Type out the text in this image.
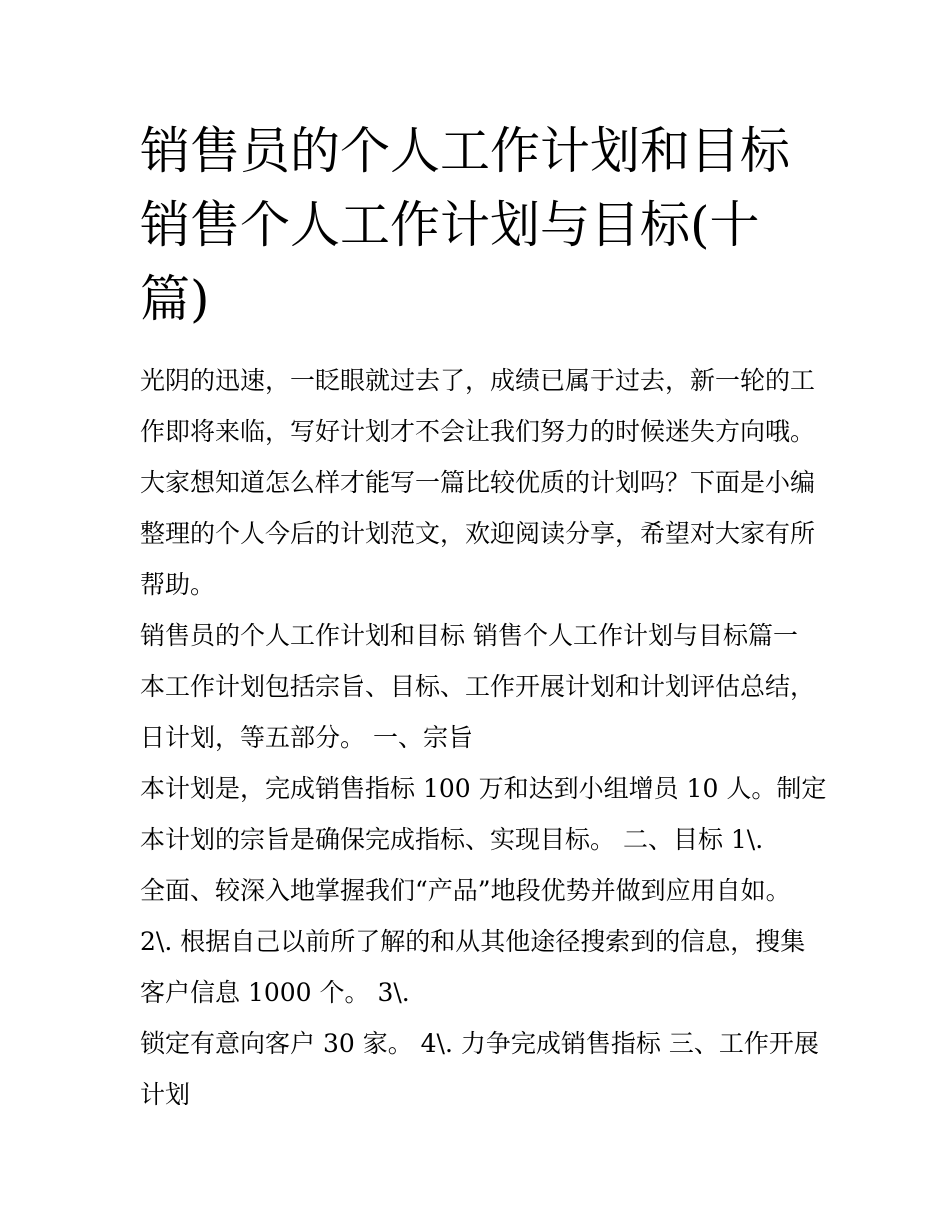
销售员的个人工作计划和目标
销售个人工作计划与目标(十
篇)
光阴的迅速，一眨眼就过去了，成绩已属于过去，新一轮的工
作即将来临，写好计划才不会让我们努力的时候迷失方向哦。
大家想知道怎么样才能写一篇比较优质的计划吗？下面是小编
整理的个人今后的计划范文，欢迎阅读分享，希望对大家有所
帮助。
销售员的个人工作计划和目标 销售个人工作计划与目标篇一
本工作计划包括宗旨、目标、工作开展计划和计划评估总结，
日计划，等五部分。 一、宗旨
本计划是，完成销售指标 100 万和达到小组增员 10 人。制定
本计划的宗旨是确保完成指标、实现目标。 二、目标 1\.
全面、较深入地掌握我们“产品”地段优势并做到应用自如。
2\. 根据自己以前所了解的和从其他途径搜索到的信息，搜集
客户信息 1000 个。 3\.
锁定有意向客户 30 家。 4\. 力争完成销售指标 三、工作开展
计划
